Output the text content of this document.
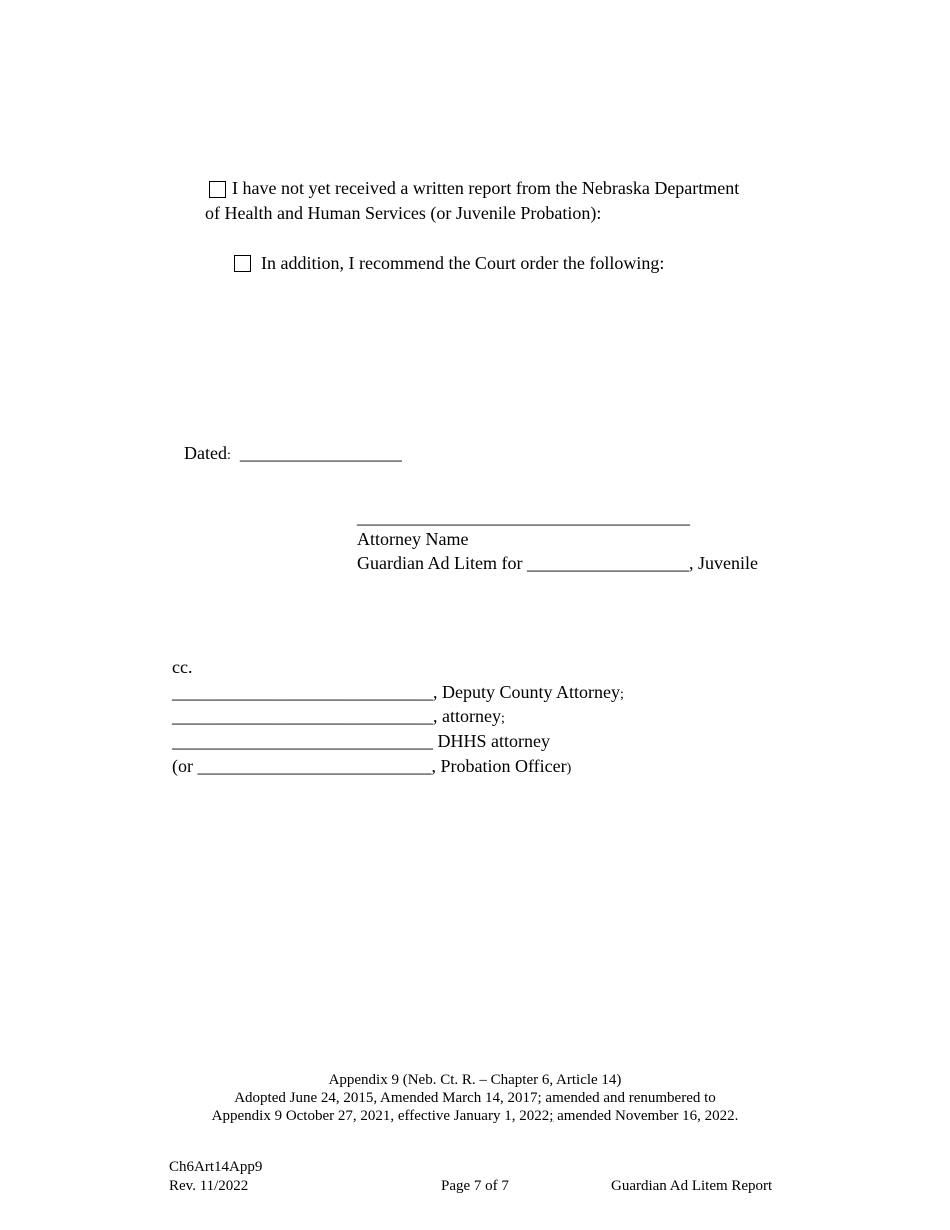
I have not yet received a written report from the Nebraska Department
of Health and Human Services (or Juvenile Probation):
In addition, I recommend the Court order the following:
Dated: __________________
_____________________________________
Attorney Name
Guardian Ad Litem for __________________, Juvenile
cc.
_____________________________, Deputy County Attorney;
_____________________________, attorney;
_____________________________ DHHS attorney
(or __________________________, Probation Officer)
Appendix 9 (Neb. Ct. R. – Chapter 6, Article 14)
Adopted June 24, 2015, Amended March 14, 2017; amended and renumbered to
Appendix 9 October 27, 2021, effective January 1, 2022; amended November 16, 2022.
Ch6Art14App9
Rev. 11/2022	Page 7 of 7	Guardian Ad Litem Report
